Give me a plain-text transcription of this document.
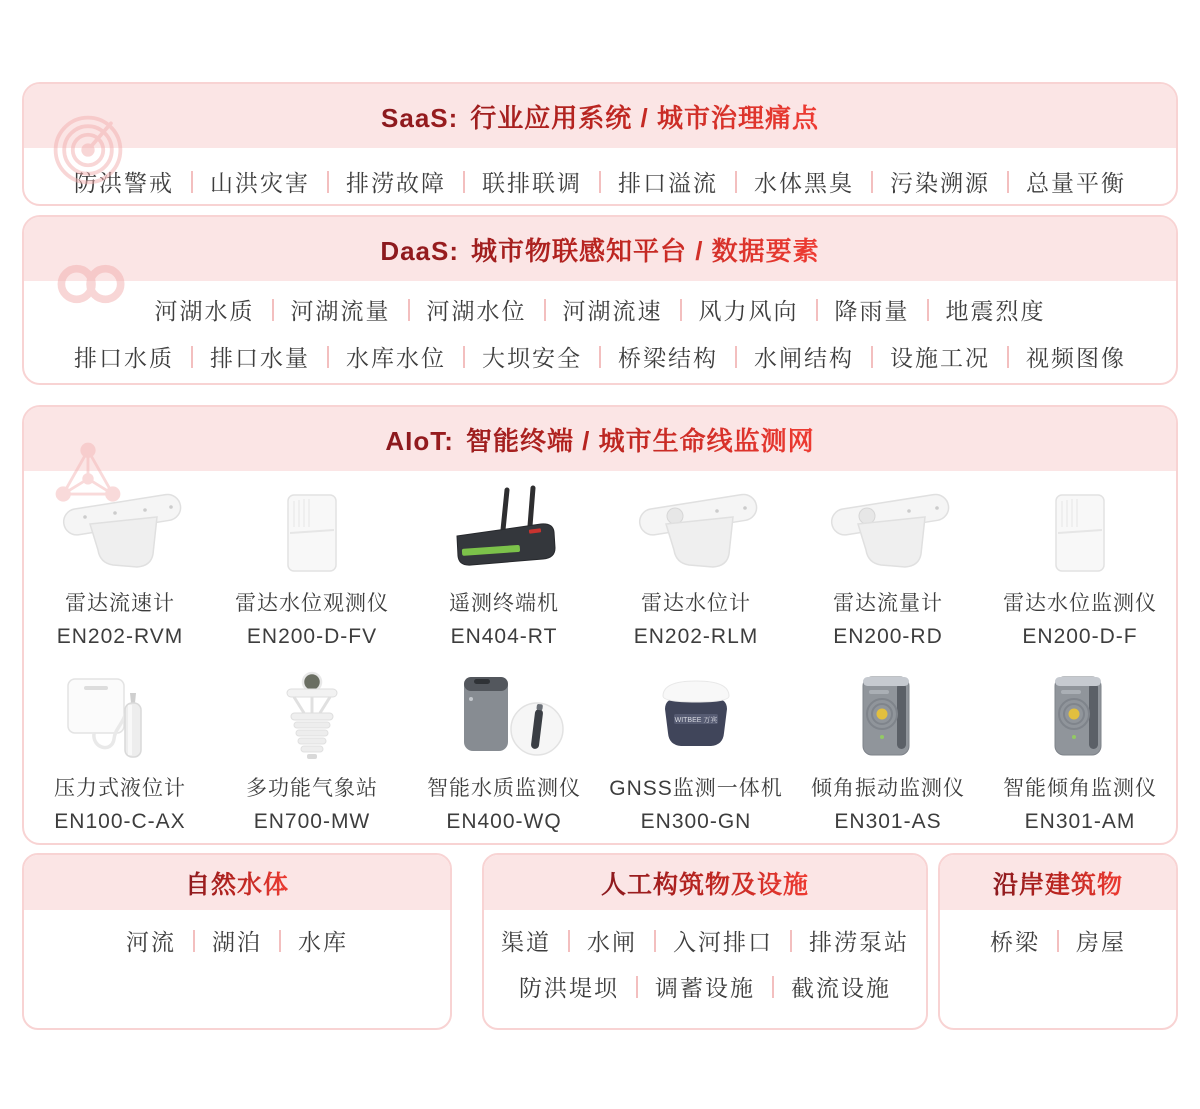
SaaS: 行业应用系统 / 城市治理痛点
防洪警戒 山洪灾害 排涝故障 联排联调 排口溢流 水体黑臭 污染溯源 总量平衡
DaaS: 城市物联感知平台 / 数据要素
河湖水质 河湖流量 河湖水位 河湖流速 风力风向 降雨量 地震烈度
排口水质 排口水量 水库水位 大坝安全 桥梁结构 水闸结构 设施工况 视频图像
AIoT: 智能终端 / 城市生命线监测网
雷达流速计
EN202-RVM
雷达水位观测仪
EN200-D-FV
遥测终端机
EN404-RT
雷达水位计
EN202-RLM
雷达流量计
EN200-RD
雷达水位监测仪
EN200-D-F
压力式液位计
EN100-C-AX
多功能气象站
EN700-MW
智能水质监测仪
EN400-WQ
WITBEE 万宾
GNSS监测一体机
EN300-GN
倾角振动监测仪
EN301-AS
智能倾角监测仪
EN301-AM
自然水体
河流 湖泊 水库
人工构筑物及设施
渠道 水闸 入河排口 排涝泵站
防洪堤坝 调蓄设施 截流设施
沿岸建筑物
桥梁 房屋
